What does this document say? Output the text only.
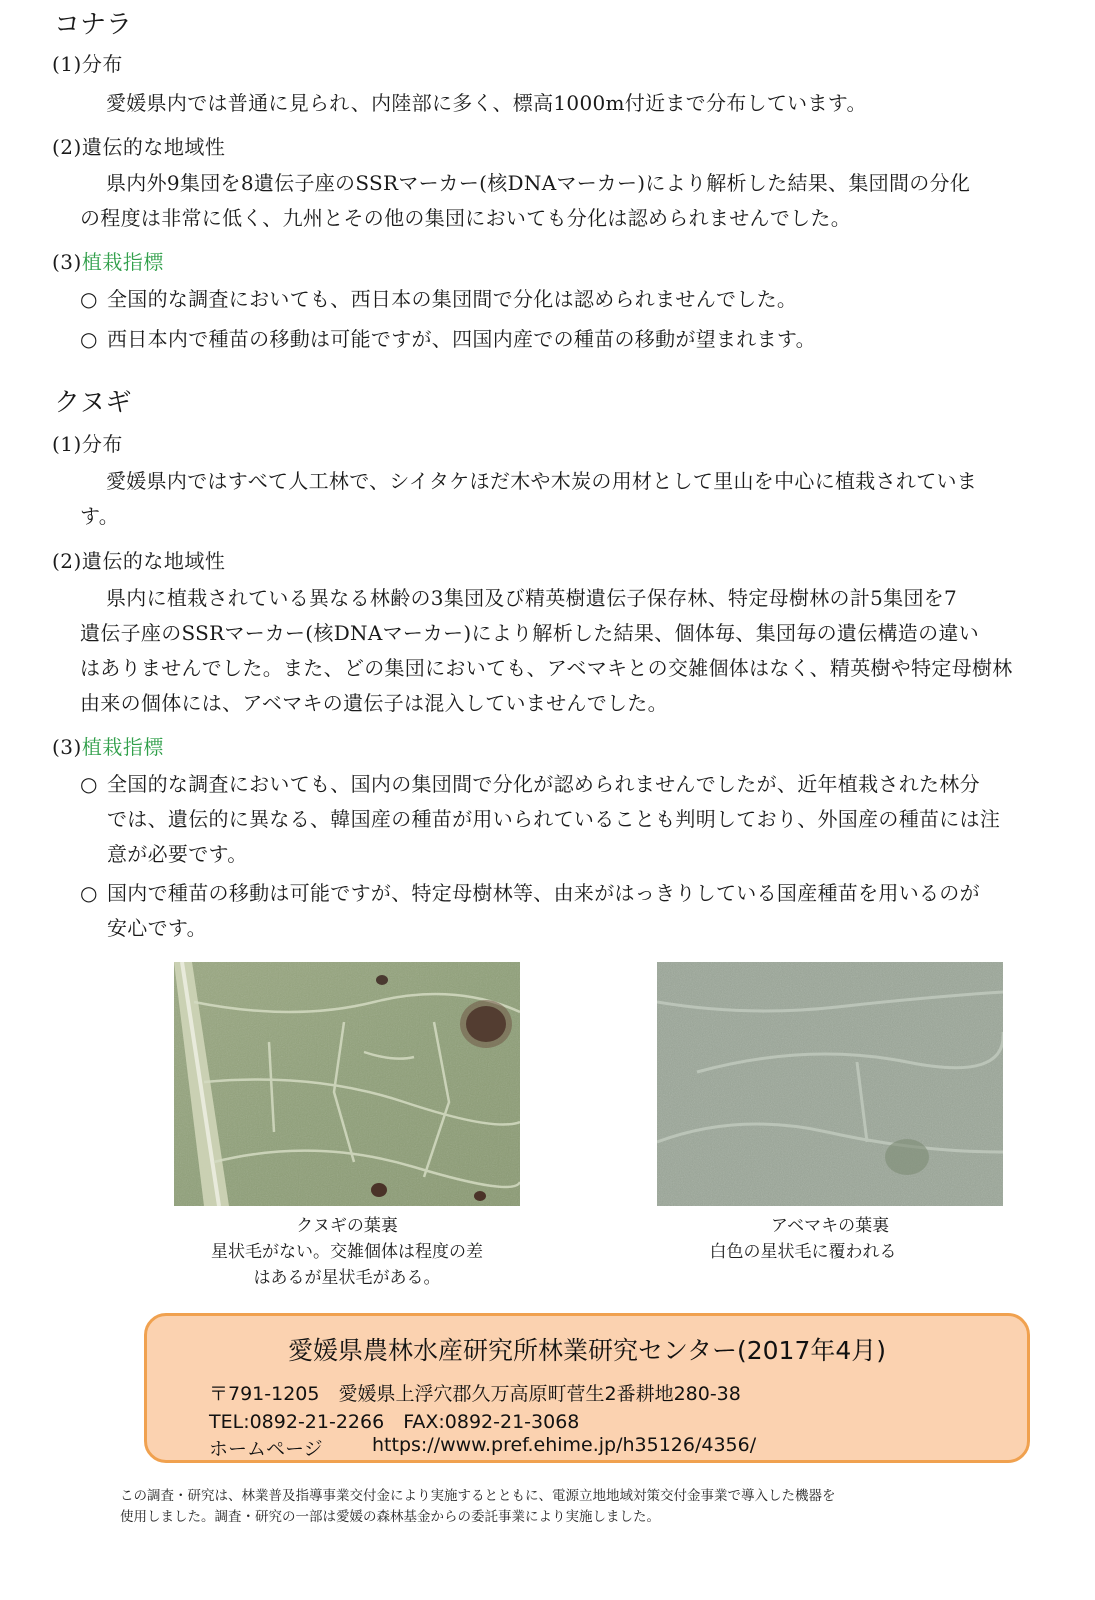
コナラ
(1)分布
愛媛県内では普通に見られ、内陸部に多く、標高1000m付近まで分布しています。
(2)遺伝的な地域性
県内外9集団を8遺伝子座のSSRマーカー(核DNAマーカー)により解析した結果、集団間の分化
の程度は非常に低く、九州とその他の集団においても分化は認められませんでした。
(3)植栽指標
○ 全国的な調査においても、西日本の集団間で分化は認められませんでした。
○ 西日本内で種苗の移動は可能ですが、四国内産での種苗の移動が望まれます。
クヌギ
(1)分布
愛媛県内ではすべて人工林で、シイタケほだ木や木炭の用材として里山を中心に植栽されていま
す。
(2)遺伝的な地域性
県内に植栽されている異なる林齢の3集団及び精英樹遺伝子保存林、特定母樹林の計5集団を7
遺伝子座のSSRマーカー(核DNAマーカー)により解析した結果、個体毎、集団毎の遺伝構造の違い
はありませんでした。また、どの集団においても、アベマキとの交雑個体はなく、精英樹や特定母樹林
由来の個体には、アベマキの遺伝子は混入していませんでした。
(3)植栽指標
○ 全国的な調査においても、国内の集団間で分化が認められませんでしたが、近年植栽された林分
では、遺伝的に異なる、韓国産の種苗が用いられていることも判明しており、外国産の種苗には注
意が必要です。
○ 国内で種苗の移動は可能ですが、特定母樹林等、由来がはっきりしている国産種苗を用いるのが
安心です。
クヌギの葉裏
星状毛がない。交雑個体は程度の差
はあるが星状毛がある。
アベマキの葉裏
白色の星状毛に覆われる
愛媛県農林水産研究所林業研究センター(2017年4月)
〒791-1205　愛媛県上浮穴郡久万高原町菅生2番耕地280-38
TEL:0892-21-2266　FAX:0892-21-3068
ホームページ	https://www.pref.ehime.jp/h35126/4356/
この調査・研究は、林業普及指導事業交付金により実施するとともに、電源立地地域対策交付金事業で導入した機器を
使用しました。調査・研究の一部は愛媛の森林基金からの委託事業により実施しました。
